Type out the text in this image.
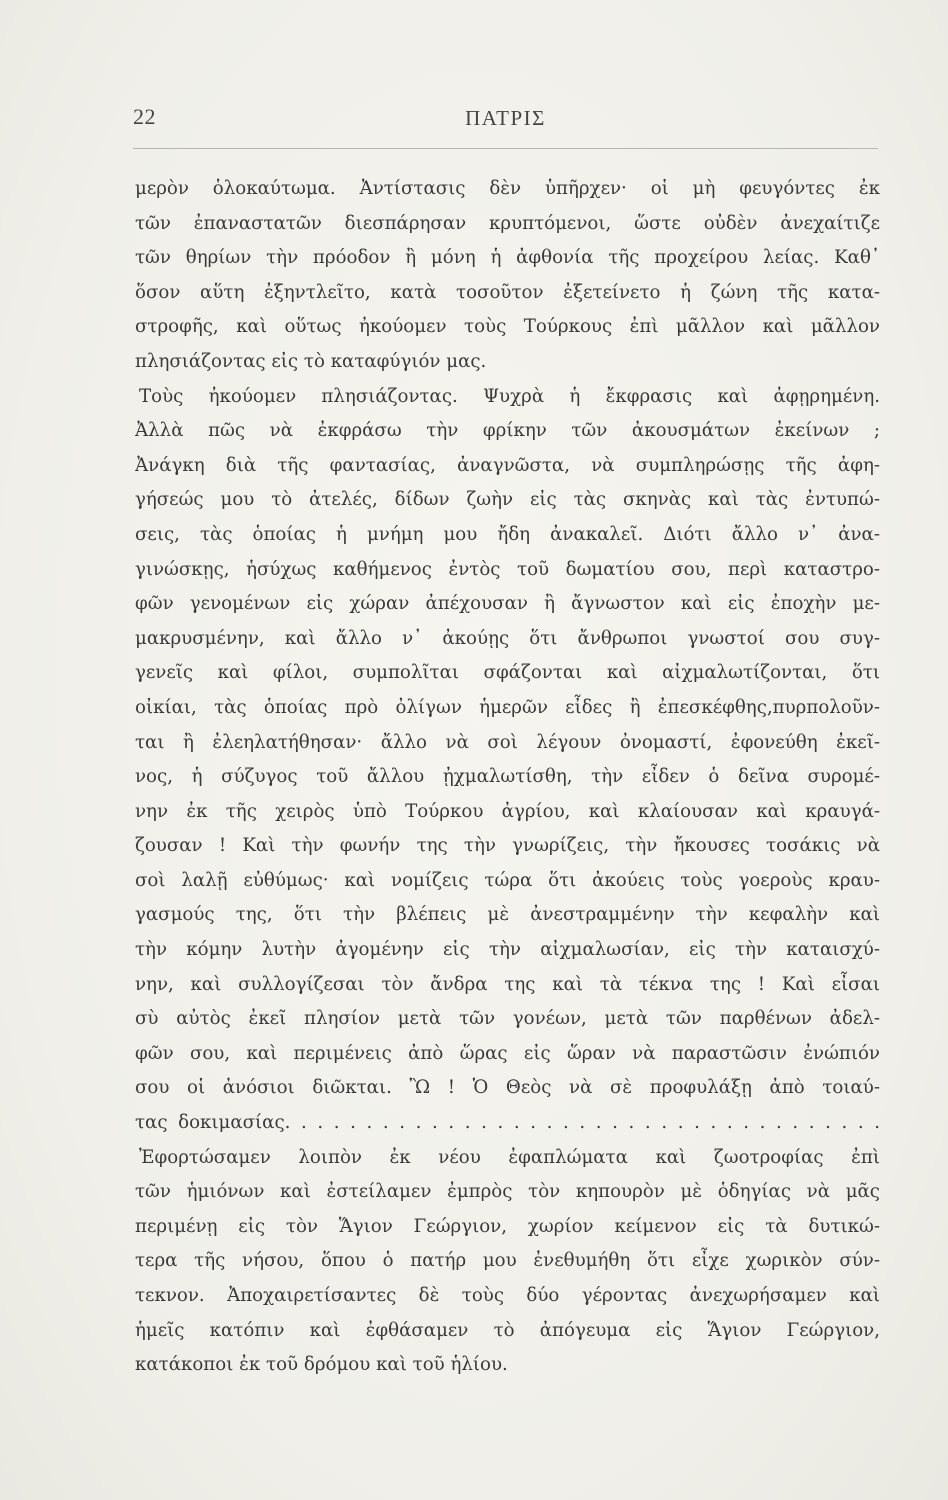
22	ΠΑΤΡΙΣ
μερὸν ὁλοκαύτωμα. Ἀντίστασις δὲν ὑπῆρχεν· οἱ μὴ φευγόντες ἐκ
τῶν ἐπαναστατῶν διεσπάρησαν κρυπτόμενοι, ὥστε οὐδὲν ἀνεχαίτιζε
τῶν θηρίων τὴν πρόοδον ἢ μόνη ἡ ἀφθονία τῆς προχείρου λείας. Καθ᾽
ὅσον αὕτη ἐξηντλεῖτο, κατὰ τοσοῦτον ἐξετείνετο ἡ ζώνη τῆς κατα-
στροφῆς, καὶ οὕτως ἠκούομεν τοὺς Τούρκους ἐπὶ μᾶλλον καὶ μᾶλλον
πλησιάζοντας εἰς τὸ καταφύγιόν μας.
Τοὺς ἠκούομεν πλησιάζοντας. Ψυχρὰ ἡ ἔκφρασις καὶ ἀφῃρημένη.
Ἀλλὰ πῶς νὰ ἐκφράσω τὴν φρίκην τῶν ἀκουσμάτων ἐκείνων ;
Ἀνάγκη διὰ τῆς φαντασίας, ἀναγνῶστα, νὰ συμπληρώσῃς τῆς ἀφη-
γήσεώς μου τὸ ἀτελές, δίδων ζωὴν εἰς τὰς σκηνὰς καὶ τὰς ἐντυπώ-
σεις, τὰς ὁποίας ἡ μνήμη μου ἤδη ἀνακαλεῖ. Διότι ἄλλο ν᾽ ἀνα-
γινώσκῃς, ἡσύχως καθήμενος ἐντὸς τοῦ δωματίου σου, περὶ καταστρο-
φῶν γενομένων εἰς χώραν ἀπέχουσαν ἢ ἄγνωστον καὶ εἰς ἐποχὴν με-
μακρυσμένην, καὶ ἄλλο ν᾽ ἀκούῃς ὅτι ἄνθρωποι γνωστοί σου συγ-
γενεῖς καὶ φίλοι, συμπολῖται σφάζονται καὶ αἰχμαλωτίζονται, ὅτι
οἰκίαι, τὰς ὁποίας πρὸ ὀλίγων ἡμερῶν εἶδες ἢ ἐπεσκέφθης,πυρπολοῦν-
ται ἢ ἐλεηλατήθησαν· ἄλλο νὰ σοὶ λέγουν ὀνομαστί, ἐφονεύθη ἐκεῖ-
νος, ἡ σύζυγος τοῦ ἄλλου ᾐχμαλωτίσθη, τὴν εἶδεν ὁ δεῖνα συρομέ-
νην ἐκ τῆς χειρὸς ὑπὸ Τούρκου ἀγρίου, καὶ κλαίουσαν καὶ κραυγά-
ζουσαν ! Καὶ τὴν φωνήν της τὴν γνωρίζεις, τὴν ἤκουσες τοσάκις νὰ
σοὶ λαλῇ εὐθύμως· καὶ νομίζεις τώρα ὅτι ἀκούεις τοὺς γοεροὺς κραυ-
γασμούς της, ὅτι τὴν βλέπεις μὲ ἀνεστραμμένην τὴν κεφαλὴν καὶ
τὴν κόμην λυτὴν ἀγομένην εἰς τὴν αἰχμαλωσίαν, εἰς τὴν καταισχύ-
νην, καὶ συλλογίζεσαι τὸν ἄνδρα της καὶ τὰ τέκνα της ! Καὶ εἶσαι
σὺ αὐτὸς ἐκεῖ πλησίον μετὰ τῶν γονέων, μετὰ τῶν παρθένων ἀδελ-
φῶν σου, καὶ περιμένεις ἀπὸ ὥρας εἰς ὥραν νὰ παραστῶσιν ἐνώπιόν
σου οἱ ἀνόσιοι διῶκται. Ὢ ! Ὁ Θεὸς νὰ σὲ προφυλάξῃ ἀπὸ τοιαύ-
τας δοκιμασίας. . . . . . . . . . . . . . . . . . . . . . . . . . . . . . . . . . . . .
Ἐφορτώσαμεν λοιπὸν ἐκ νέου ἐφαπλώματα καὶ ζωοτροφίας ἐπὶ
τῶν ἡμιόνων καὶ ἐστείλαμεν ἐμπρὸς τὸν κηπουρὸν μὲ ὁδηγίας νὰ μᾶς
περιμένῃ εἰς τὸν Ἅγιον Γεώργιον, χωρίον κείμενον εἰς τὰ δυτικώ-
τερα τῆς νήσου, ὅπου ὁ πατήρ μου ἐνεθυμήθη ὅτι εἶχε χωρικὸν σύν-
τεκνον. Ἀποχαιρετίσαντες δὲ τοὺς δύο γέροντας ἀνεχωρήσαμεν καὶ
ἡμεῖς κατόπιν καὶ ἐφθάσαμεν τὸ ἀπόγευμα εἰς Ἅγιον Γεώργιον,
κατάκοποι ἐκ τοῦ δρόμου καὶ τοῦ ἡλίου.
